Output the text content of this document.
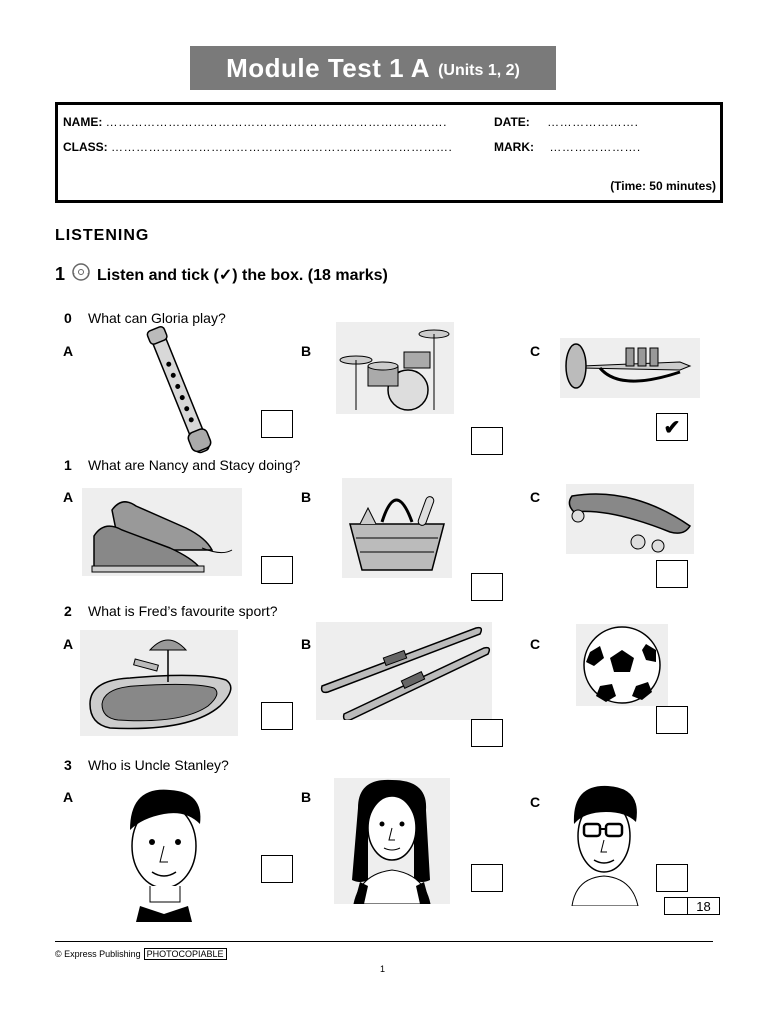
Module Test 1 A (Units 1, 2)
NAME: ……………………………………………………………………….	DATE: ………………….
CLASS: ……………………………………………………………………….	MARK: ………………….
(Time: 50 minutes)
LISTENING
1 Listen and tick (✓) the box. (18 marks)
0 What can Gloria play?
A	B	C
✔
1 What are Nancy and Stacy doing?
A	B	C
2 What is Fred’s favourite sport?
A	B	C
3 Who is Uncle Stanley?
A	B	C
18
© Express Publishing PHOTOCOPIABLE
1
